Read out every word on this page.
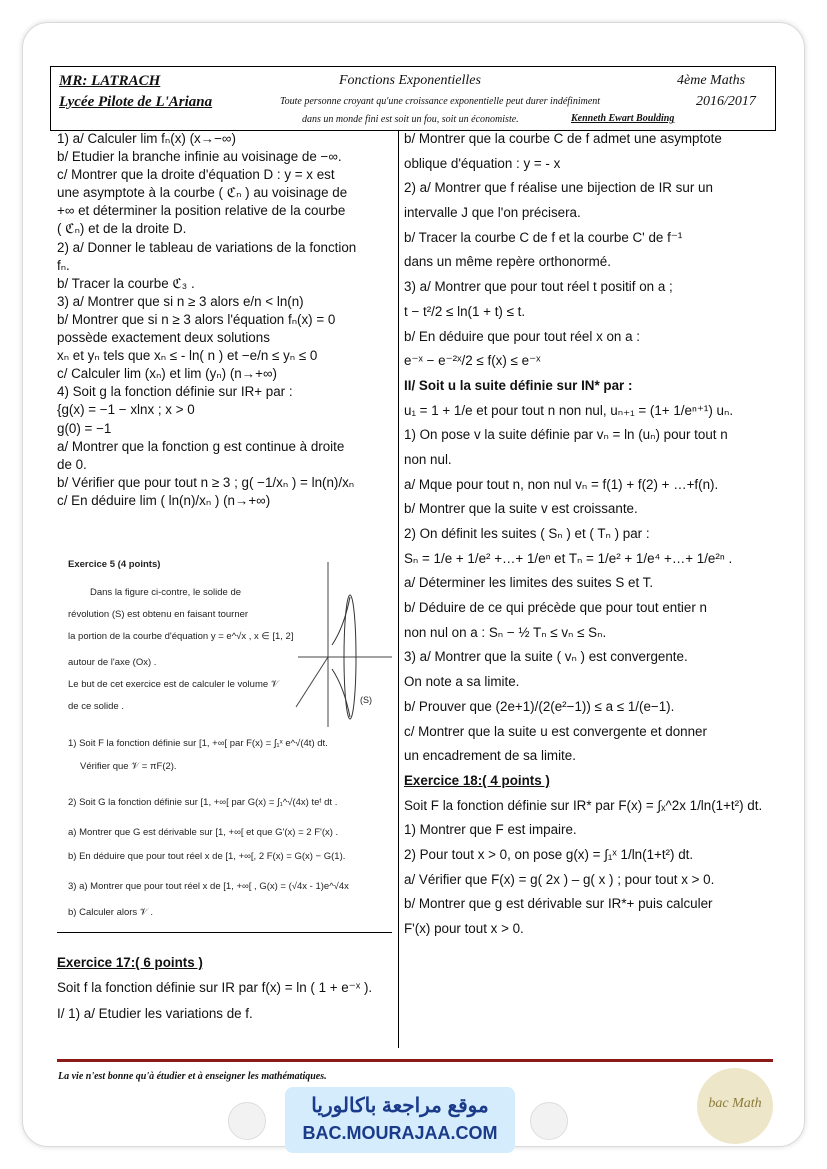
MR: LATRACH
Lycée Pilote de L'Ariana
Fonctions Exponentielles	4ème Maths
2016/2017
Toute personne croyant qu'une croissance exponentielle peut durer indéfiniment
dans un monde fini est soit un fou, soit un économiste.	Kenneth Ewart Boulding
1) a/ Calculer lim fₙ(x) (x→−∞)
b/ Etudier la branche infinie au voisinage de −∞.
c/ Montrer que la droite d'équation D : y = x est
une asymptote à la courbe ( ℭₙ ) au voisinage de
+∞ et déterminer la position relative de la courbe
( ℭₙ) et de la droite D.
2) a/ Donner le tableau de variations de la fonction
fₙ.
b/ Tracer la courbe ℭ₃ .
3) a/ Montrer que si n ≥ 3 alors e/n < ln(n)
b/ Montrer que si n ≥ 3 alors l'équation fₙ(x) = 0
possède exactement deux solutions
xₙ et yₙ tels que xₙ ≤ - ln( n ) et −e/n ≤ yₙ ≤ 0
c/ Calculer lim (xₙ) et lim (yₙ) (n→+∞)
4) Soit g la fonction définie sur IR+ par :
{g(x) = −1 − xlnx ; x > 0
g(0) = −1
a/ Montrer que la fonction g est continue à droite
de 0.
b/ Vérifier que pour tout n ≥ 3 ; g( −1/xₙ ) = ln(n)/xₙ
c/ En déduire lim ( ln(n)/xₙ ) (n→+∞)
Exercice 5 (4 points)
Dans la figure ci-contre, le solide de
révolution (S) est obtenu en faisant tourner
la portion de la courbe d'équation y = e^√x , x ∈ [1, 2]
autour de l'axe (Ox) .
Le but de cet exercice est de calculer le volume 𝒱
de ce solide .
1) Soit F la fonction définie sur [1, +∞[ par F(x) = ∫₁ˣ e^√(4t) dt.
Vérifier que 𝒱 = πF(2).
2) Soit G la fonction définie sur [1, +∞[ par G(x) = ∫₁^√(4x) teᵗ dt .
a) Montrer que G est dérivable sur [1, +∞[ et que G'(x) = 2 F'(x) .
b) En déduire que pour tout réel x de [1, +∞[, 2 F(x) = G(x) − G(1).
3) a) Montrer que pour tout réel x de [1, +∞[ , G(x) = (√4x - 1)e^√4x
b) Calculer alors 𝒱 .
(S)
Exercice 17:( 6 points )
Soit f la fonction définie sur IR par f(x) = ln ( 1 + e⁻ˣ ).
I/ 1) a/ Etudier les variations de f.
b/ Montrer que la courbe C de f admet une asymptote
oblique d'équation : y = - x
2) a/ Montrer que f réalise une bijection de IR sur un
intervalle J que l'on précisera.
b/ Tracer la courbe C de f et la courbe C' de f⁻¹
dans un même repère orthonormé.
3) a/ Montrer que pour tout réel t positif on a ;
t − t²/2 ≤ ln(1 + t) ≤ t.
b/ En déduire que pour tout réel x on a :
e⁻ˣ − e⁻²ˣ/2 ≤ f(x) ≤ e⁻ˣ
II/ Soit u la suite définie sur IN* par :
u₁ = 1 + 1/e et pour tout n non nul, uₙ₊₁ = (1+ 1/eⁿ⁺¹) uₙ.
1) On pose v la suite définie par vₙ = ln (uₙ) pour tout n
non nul.
a/ Mque pour tout n, non nul vₙ = f(1) + f(2) + …+f(n).
b/ Montrer que la suite v est croissante.
2) On définit les suites ( Sₙ ) et ( Tₙ ) par :
Sₙ = 1/e + 1/e² +…+ 1/eⁿ et Tₙ = 1/e² + 1/e⁴ +…+ 1/e²ⁿ .
a/ Déterminer les limites des suites S et T.
b/ Déduire de ce qui précède que pour tout entier n
non nul on a : Sₙ − ½ Tₙ ≤ vₙ ≤ Sₙ.
3) a/ Montrer que la suite ( vₙ ) est convergente.
On note a sa limite.
b/ Prouver que (2e+1)/(2(e²−1)) ≤ a ≤ 1/(e−1).
c/ Montrer que la suite u est convergente et donner
un encadrement de sa limite.
Exercice 18:( 4 points )
Soit F la fonction définie sur IR* par F(x) = ∫ₓ^2x 1/ln(1+t²) dt.
1) Montrer que F est impaire.
2) Pour tout x > 0, on pose g(x) = ∫₁ˣ 1/ln(1+t²) dt.
a/ Vérifier que F(x) = g( 2x ) – g( x ) ; pour tout x > 0.
b/ Montrer que g est dérivable sur IR*+ puis calculer
F'(x) pour tout x > 0.
La vie n'est bonne qu'à étudier et à enseigner les mathématiques.
موقع مراجعة باكالوريا
BAC.MOURAJAA.COM
bac Math
